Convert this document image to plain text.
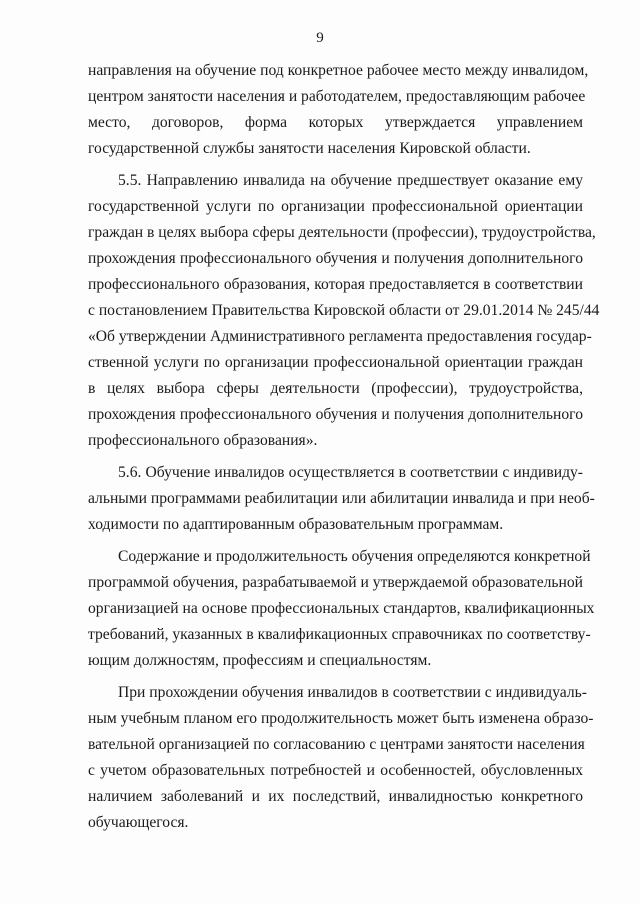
9
направления на обучение под конкретное рабочее место между инвалидом,
центром занятости населения и работодателем, предоставляющим рабочее
место, договоров, форма которых утверждается управлением
государственной службы занятости населения Кировской области.
5.5. Направлению инвалида на обучение предшествует оказание ему
государственной услуги по организации профессиональной ориентации
граждан в целях выбора сферы деятельности (профессии), трудоустройства,
прохождения профессионального обучения и получения дополнительного
профессионального образования, которая предоставляется в соответствии
с постановлением Правительства Кировской области от 29.01.2014 № 245/44
«Об утверждении Административного регламента предоставления государ-
ственной услуги по организации профессиональной ориентации граждан
в целях выбора сферы деятельности (профессии), трудоустройства,
прохождения профессионального обучения и получения дополнительного
профессионального образования».
5.6. Обучение инвалидов осуществляется в соответствии с индивиду-
альными программами реабилитации или абилитации инвалида и при необ-
ходимости по адаптированным образовательным программам.
Содержание и продолжительность обучения определяются конкретной
программой обучения, разрабатываемой и утверждаемой образовательной
организацией на основе профессиональных стандартов, квалификационных
требований, указанных в квалификационных справочниках по соответству-
ющим должностям, профессиям и специальностям.
При прохождении обучения инвалидов в соответствии с индивидуаль-
ным учебным планом его продолжительность может быть изменена образо-
вательной организацией по согласованию с центрами занятости населения
с учетом образовательных потребностей и особенностей, обусловленных
наличием заболеваний и их последствий, инвалидностью конкретного
обучающегося.
